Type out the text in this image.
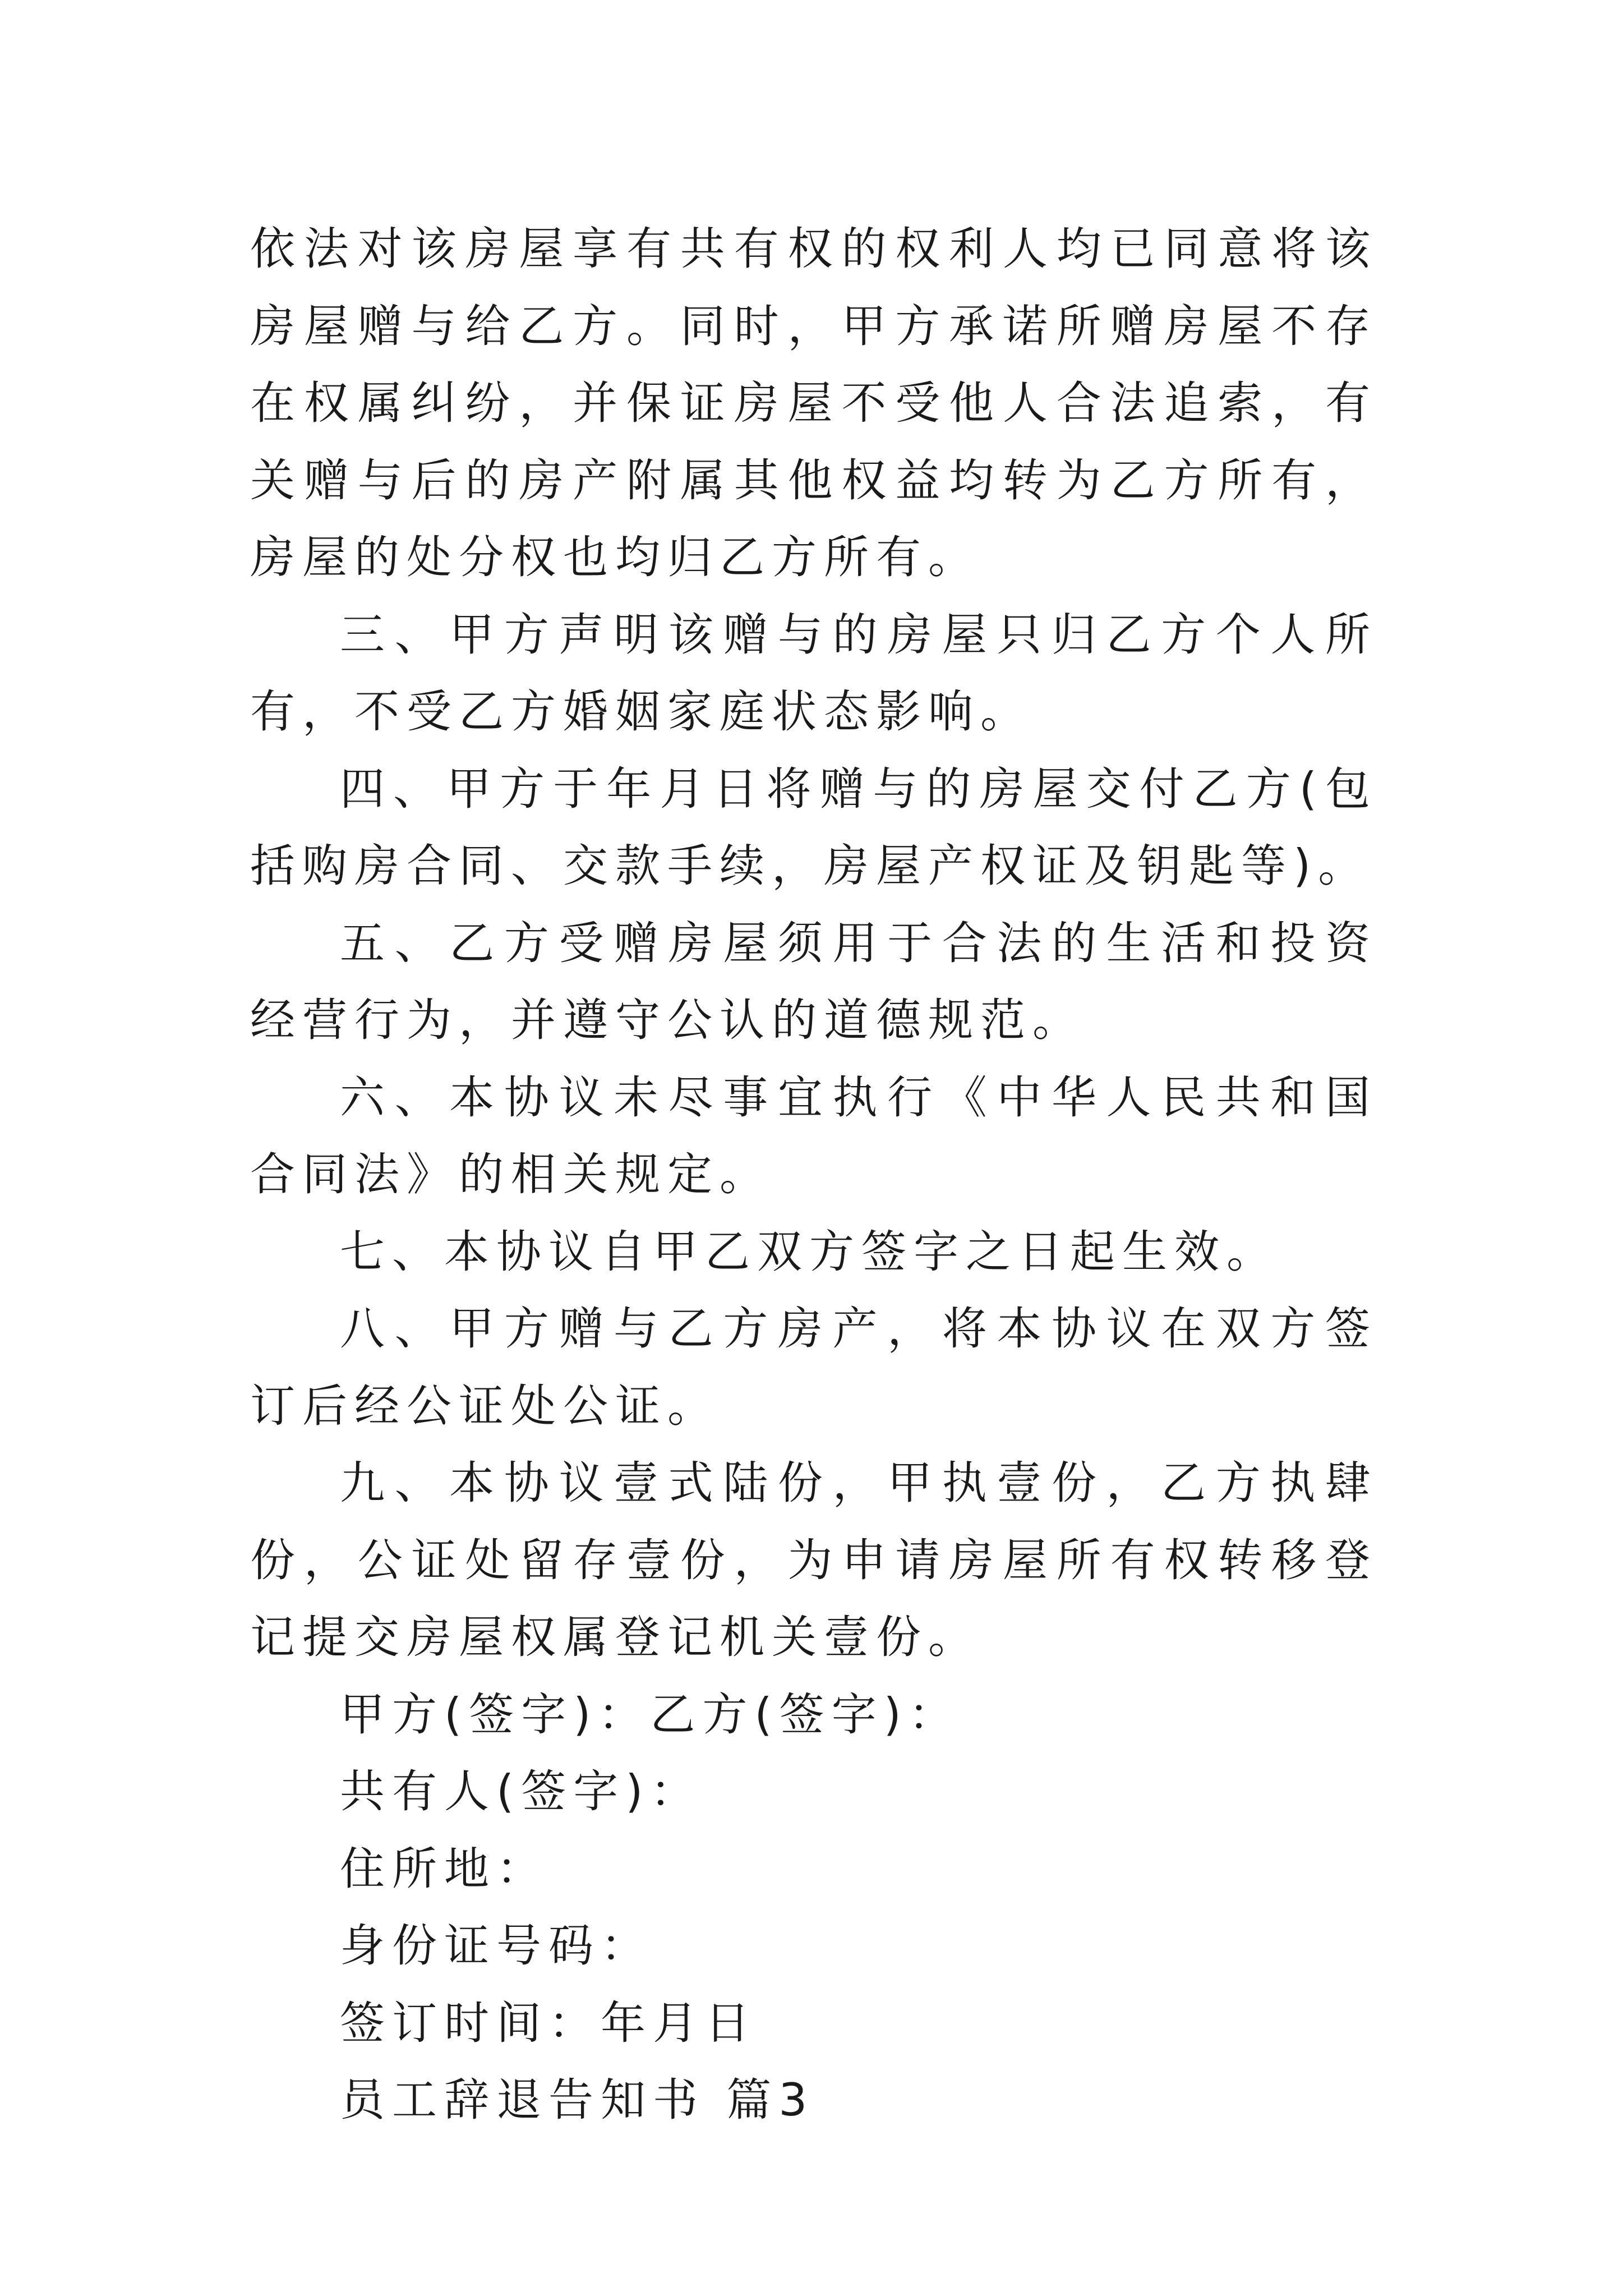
依法对该房屋享有共有权的权利人均已同意将该房屋赠与给乙方。同时，甲方承诺所赠房屋不存在权属纠纷，并保证房屋不受他人合法追索，有关赠与后的房产附属其他权益均转为乙方所有，房屋的处分权也均归乙方所有。

三、甲方声明该赠与的房屋只归乙方个人所有，不受乙方婚姻家庭状态影响。

四、甲方于年月日将赠与的房屋交付乙方(包括购房合同、交款手续，房屋产权证及钥匙等)。

五、乙方受赠房屋须用于合法的生活和投资经营行为，并遵守公认的道德规范。

六、本协议未尽事宜执行《中华人民共和国合同法》的相关规定。

七、本协议自甲乙双方签字之日起生效。

八、甲方赠与乙方房产，将本协议在双方签订后经公证处公证。

九、本协议壹式陆份，甲执壹份，乙方执肆份，公证处留存壹份，为申请房屋所有权转移登记提交房屋权属登记机关壹份。

甲方(签字)：乙方(签字)：

共有人(签字)：

住所地：

身份证号码：

签订时间：年月日

员工辞退告知书 篇3
